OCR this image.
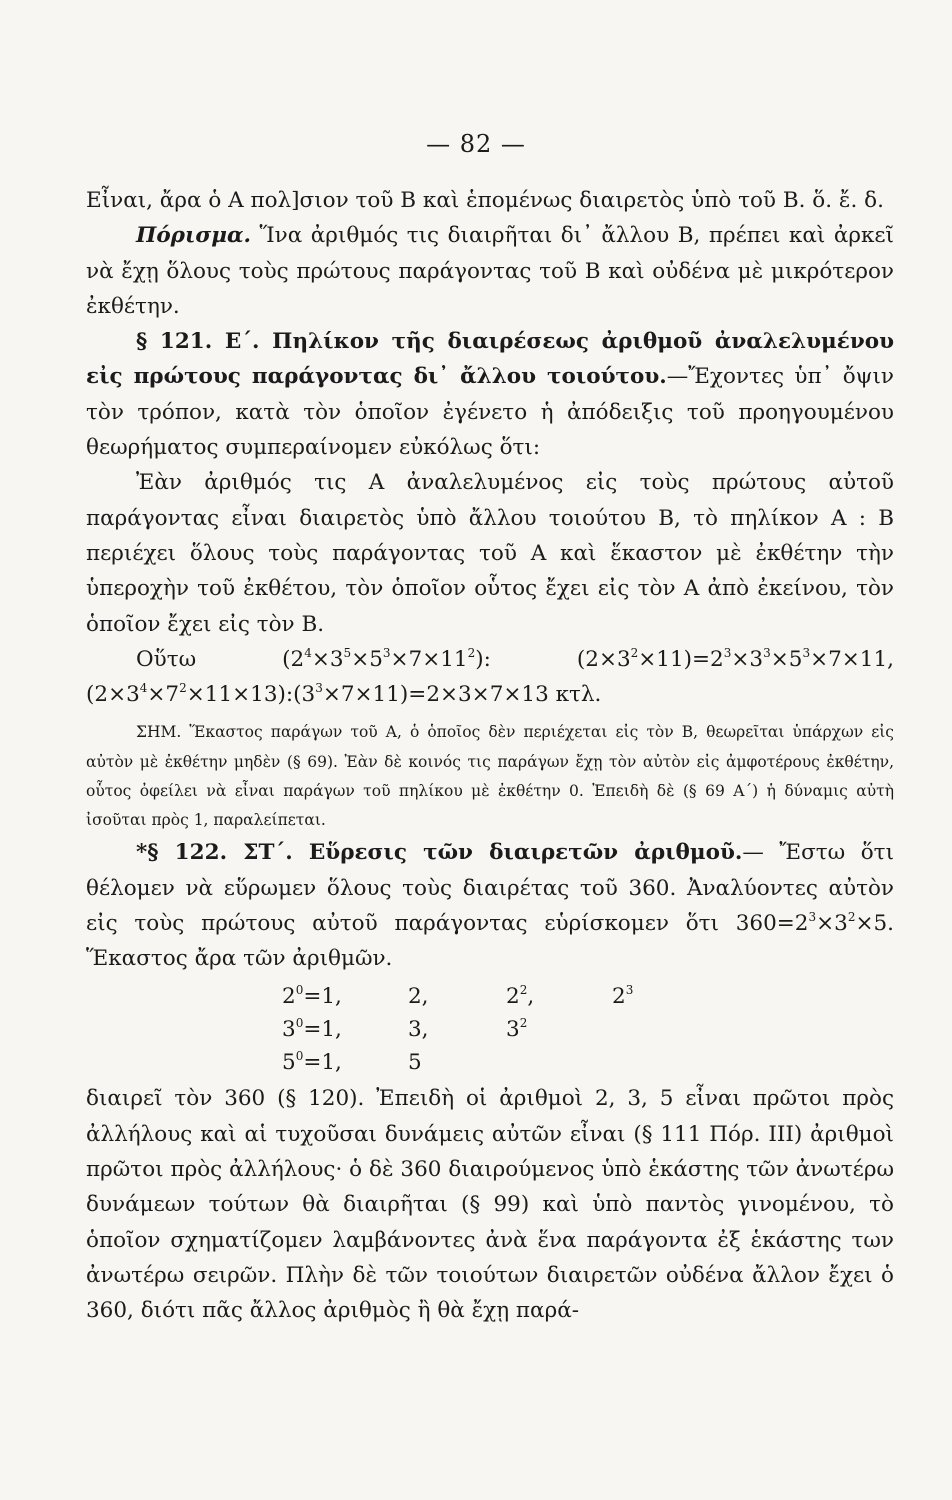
— 82 —

Εἶναι, ἄρα ὁ Α πολ]σιον τοῦ Β καὶ ἑπομένως διαιρετὸς ὑπὸ τοῦ Β. ὅ. ἔ. δ.

Πόρισμα. Ἵνα ἀριθμός τις διαιρῆται δι᾽ ἄλλου Β, πρέπει καὶ ἀρκεῖ νὰ ἔχῃ ὅλους τοὺς πρώτους παράγοντας τοῦ Β καὶ οὐδένα μὲ μικρότερον ἐκθέτην.

§ 121. Ε΄. Πηλίκον τῆς διαιρέσεως ἀριθμοῦ ἀναλελυμένου εἰς πρώτους παράγοντας δι᾽ ἄλλου τοιούτου.—Ἔχοντες ὑπ᾽ ὄψιν τὸν τρόπον, κατὰ τὸν ὁποῖον ἐγένετο ἡ ἀπόδειξις τοῦ προηγουμένου θεωρήματος συμπεραίνομεν εὐκόλως ὅτι:

Ἐὰν ἀριθμός τις Α ἀναλελυμένος εἰς τοὺς πρώτους αὐτοῦ παράγοντας εἶναι διαιρετὸς ὑπὸ ἄλλου τοιούτου Β, τὸ πηλίκον Α : Β περιέχει ὅλους τοὺς παράγοντας τοῦ Α καὶ ἕκαστον μὲ ἐκθέτην τὴν ὑπεροχὴν τοῦ ἐκθέτου, τὸν ὁποῖον οὗτος ἔχει εἰς τὸν Α ἀπὸ ἐκείνου, τὸν ὁποῖον ἔχει εἰς τὸν Β.

Οὕτω $(2^4\times 3^5\times 5^3\times 7\times 11^2)$: $(2\times 3^2\times 11)=2^3\times 3^3\times 5^3\times 7\times 11$, $(2\times 3^4\times 7^2\times 11\times 13):(3^3\times 7\times 11)=2\times 3\times 7\times 13$ κτλ.

ΣΗΜ. Ἕκαστος παράγων τοῦ Α, ὁ ὁποῖος δὲν περιέχεται εἰς τὸν Β, θεωρεῖται ὑπάρχων εἰς αὐτὸν μὲ ἐκθέτην μηδὲν (§ 69). Ἐὰν δὲ κοινός τις παράγων ἔχῃ τὸν αὐτὸν εἰς ἀμφοτέρους ἐκθέτην, οὗτος ὀφείλει νὰ εἶναι παράγων τοῦ πηλίκου μὲ ἐκθέτην 0. Ἐπειδὴ δὲ (§ 69 Α΄) ἡ δύναμις αὐτὴ ἰσοῦται πρὸς 1, παραλείπεται.

*§ 122. ΣΤ΄. Εὕρεσις τῶν διαιρετῶν ἀριθμοῦ.— Ἔστω ὅτι θέλομεν νὰ εὕρωμεν ὅλους τοὺς διαιρέτας τοῦ 360. Ἀναλύοντες αὐτὸν εἰς τοὺς πρώτους αὐτοῦ παράγοντας εὑρίσκομεν ὅτι $360=2^3\times 3^2\times 5$. Ἕκαστος ἄρα τῶν ἀριθμῶν.

$2^0=1$,	2,	$2^2$,	$2^3$
$3^0=1$,	3,	$3^2$
$5^0=1$,	5

διαιρεῖ τὸν 360 (§ 120). Ἐπειδὴ οἱ ἀριθμοὶ 2, 3, 5 εἶναι πρῶτοι πρὸς ἀλλήλους καὶ αἱ τυχοῦσαι δυνάμεις αὐτῶν εἶναι (§ 111 Πόρ. ΙΙΙ) ἀριθμοὶ πρῶτοι πρὸς ἀλλήλους· ὁ δὲ 360 διαιρούμενος ὑπὸ ἑκάστης τῶν ἀνωτέρω δυνάμεων τούτων θὰ διαιρῆται (§ 99) καὶ ὑπὸ παντὸς γινομένου, τὸ ὁποῖον σχηματίζομεν λαμβάνοντες ἀνὰ ἕνα παράγοντα ἐξ ἑκάστης των ἀνωτέρω σειρῶν. Πλὴν δὲ τῶν τοιούτων διαιρετῶν οὐδένα ἄλλον ἔχει ὁ 360, διότι πᾶς ἄλλος ἀριθμὸς ἢ θὰ ἔχῃ παρά-
